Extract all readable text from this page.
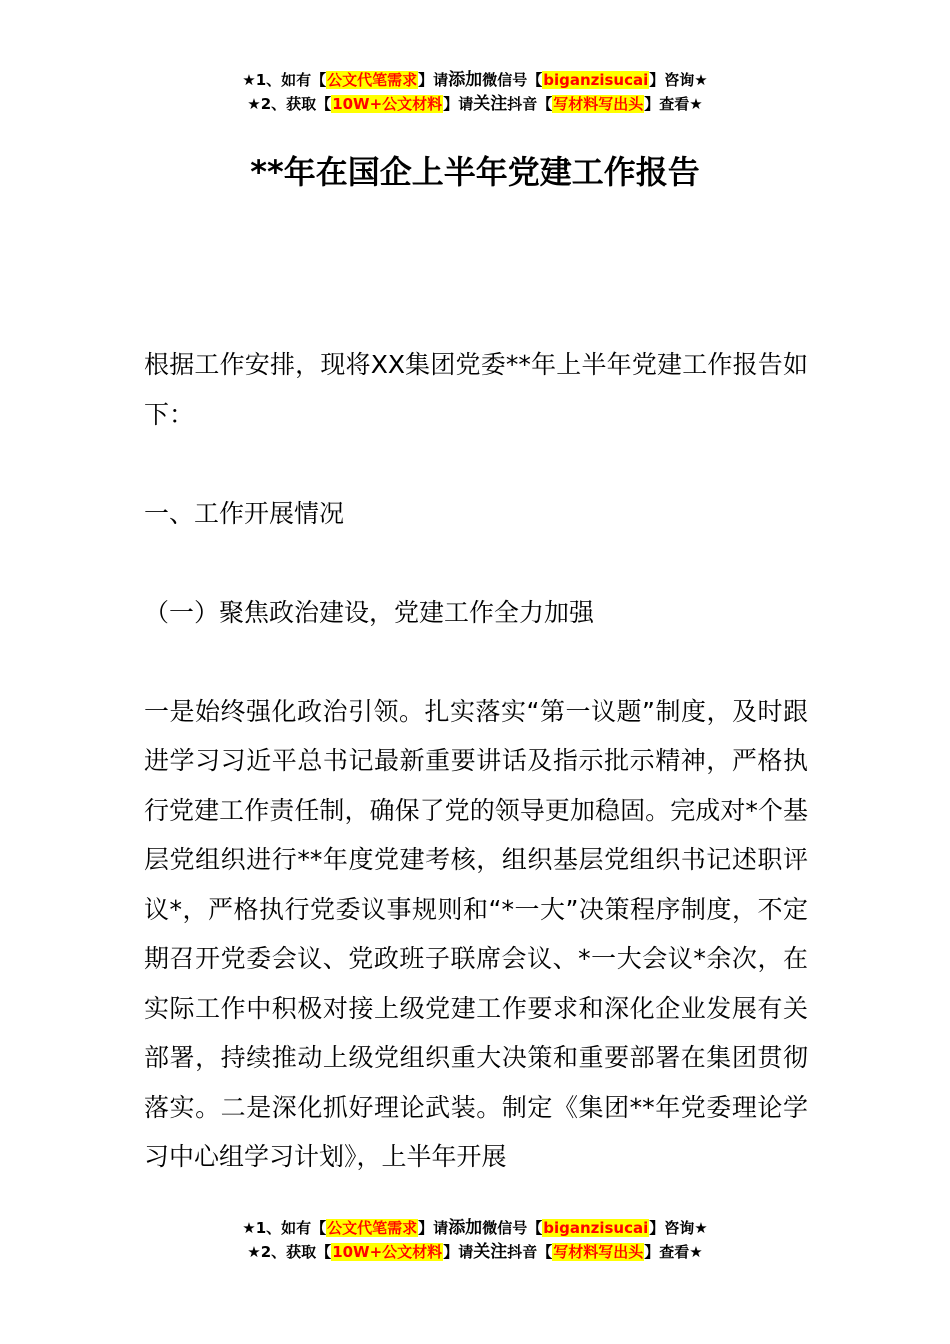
★1、如有【公文代笔需求】请添加微信号【biganzisucai】咨询★
★2、获取【10W+公文材料】请关注抖音【写材料写出头】查看★
**年在国企上半年党建工作报告

根据工作安排，现将XX集团党委**年上半年党建工作报告如下：

一、工作开展情况

（一）聚焦政治建设，党建工作全力加强

一是始终强化政治引领。扎实落实“第一议题”制度，及时跟进学习习近平总书记最新重要讲话及指示批示精神，严格执行党建工作责任制，确保了党的领导更加稳固。完成对*个基层党组织进行**年度党建考核，组织基层党组织书记述职评议*，严格执行党委议事规则和“*一大”决策程序制度，不定期召开党委会议、党政班子联席会议、*一大会议*余次，在实际工作中积极对接上级党建工作要求和深化企业发展有关部署，持续推动上级党组织重大决策和重要部署在集团贯彻落实。二是深化抓好理论武装。制定《集团**年党委理论学习中心组学习计划》，上半年开展

★1、如有【公文代笔需求】请添加微信号【biganzisucai】咨询★
★2、获取【10W+公文材料】请关注抖音【写材料写出头】查看★
